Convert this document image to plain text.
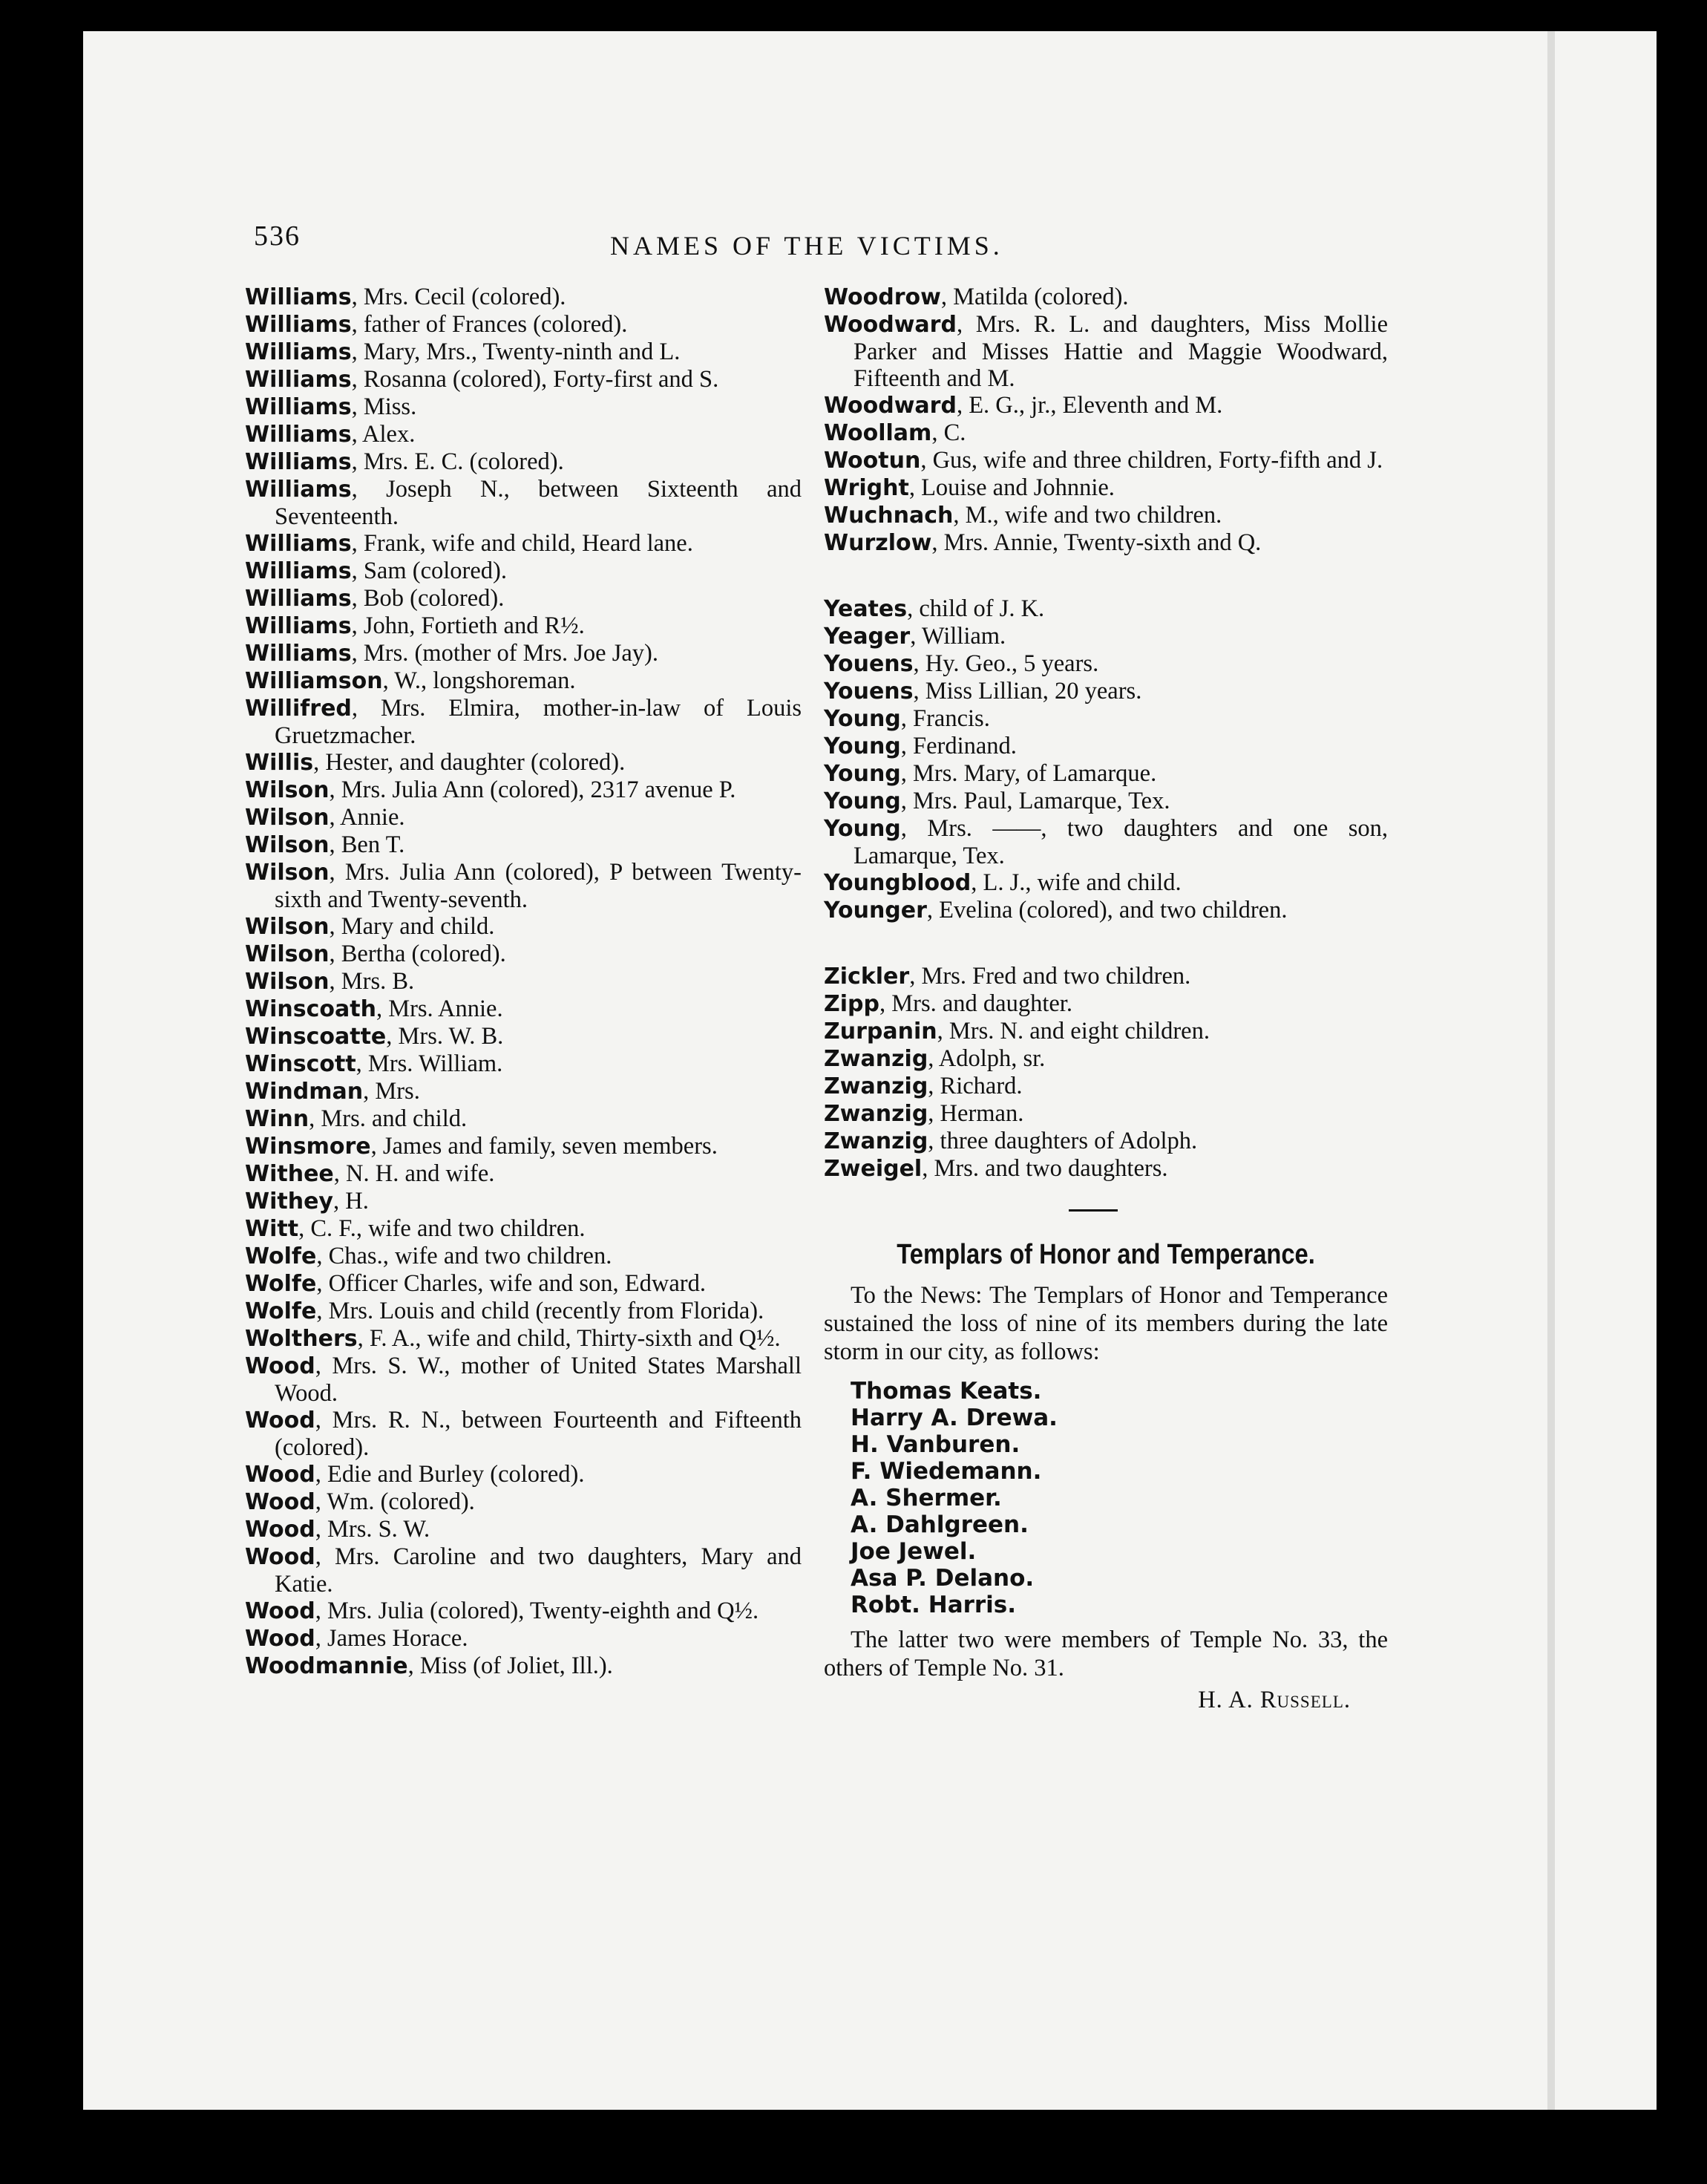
536	NAMES OF THE VICTIMS.
Williams, Mrs. Cecil (colored).
Williams, father of Frances (colored).
Williams, Mary, Mrs., Twenty-ninth and L.
Williams, Rosanna (colored), Forty-first and S.
Williams, Miss.
Williams, Alex.
Williams, Mrs. E. C. (colored).
Williams, Joseph N., between Sixteenth and Seventeenth.
Williams, Frank, wife and child, Heard lane.
Williams, Sam (colored).
Williams, Bob (colored).
Williams, John, Fortieth and R½.
Williams, Mrs. (mother of Mrs. Joe Jay).
Williamson, W., longshoreman.
Willifred, Mrs. Elmira, mother-in-law of Louis Gruetzmacher.
Willis, Hester, and daughter (colored).
Wilson, Mrs. Julia Ann (colored), 2317 avenue P.
Wilson, Annie.
Wilson, Ben T.
Wilson, Mrs. Julia Ann (colored), P between Twenty-sixth and Twenty-seventh.
Wilson, Mary and child.
Wilson, Bertha (colored).
Wilson, Mrs. B.
Winscoath, Mrs. Annie.
Winscoatte, Mrs. W. B.
Winscott, Mrs. William.
Windman, Mrs.
Winn, Mrs. and child.
Winsmore, James and family, seven members.
Withee, N. H. and wife.
Withey, H.
Witt, C. F., wife and two children.
Wolfe, Chas., wife and two children.
Wolfe, Officer Charles, wife and son, Edward.
Wolfe, Mrs. Louis and child (recently from Florida).
Wolthers, F. A., wife and child, Thirty-sixth and Q½.
Wood, Mrs. S. W., mother of United States Marshall Wood.
Wood, Mrs. R. N., between Fourteenth and Fifteenth (colored).
Wood, Edie and Burley (colored).
Wood, Wm. (colored).
Wood, Mrs. S. W.
Wood, Mrs. Caroline and two daughters, Mary and Katie.
Wood, Mrs. Julia (colored), Twenty-eighth and Q½.
Wood, James Horace.
Woodmannie, Miss (of Joliet, Ill.).
Woodrow, Matilda (colored).
Woodward, Mrs. R. L. and daughters, Miss Mollie Parker and Misses Hattie and Maggie Woodward, Fifteenth and M.
Woodward, E. G., jr., Eleventh and M.
Woollam, C.
Wootun, Gus, wife and three children, Forty-fifth and J.
Wright, Louise and Johnnie.
Wuchnach, M., wife and two children.
Wurzlow, Mrs. Annie, Twenty-sixth and Q.
Yeates, child of J. K.
Yeager, William.
Youens, Hy. Geo., 5 years.
Youens, Miss Lillian, 20 years.
Young, Francis.
Young, Ferdinand.
Young, Mrs. Mary, of Lamarque.
Young, Mrs. Paul, Lamarque, Tex.
Young, Mrs. ——, two daughters and one son, Lamarque, Tex.
Youngblood, L. J., wife and child.
Younger, Evelina (colored), and two children.
Zickler, Mrs. Fred and two children.
Zipp, Mrs. and daughter.
Zurpanin, Mrs. N. and eight children.
Zwanzig, Adolph, sr.
Zwanzig, Richard.
Zwanzig, Herman.
Zwanzig, three daughters of Adolph.
Zweigel, Mrs. and two daughters.
Templars of Honor and Temperance.
To the News: The Templars of Honor and Temperance sustained the loss of nine of its members during the late storm in our city, as follows:
Thomas Keats.
Harry A. Drewa.
H. Vanburen.
F. Wiedemann.
A. Shermer.
A. Dahlgreen.
Joe Jewel.
Asa P. Delano.
Robt. Harris.
The latter two were members of Temple No. 33, the others of Temple No. 31.
H. A. Russell.
